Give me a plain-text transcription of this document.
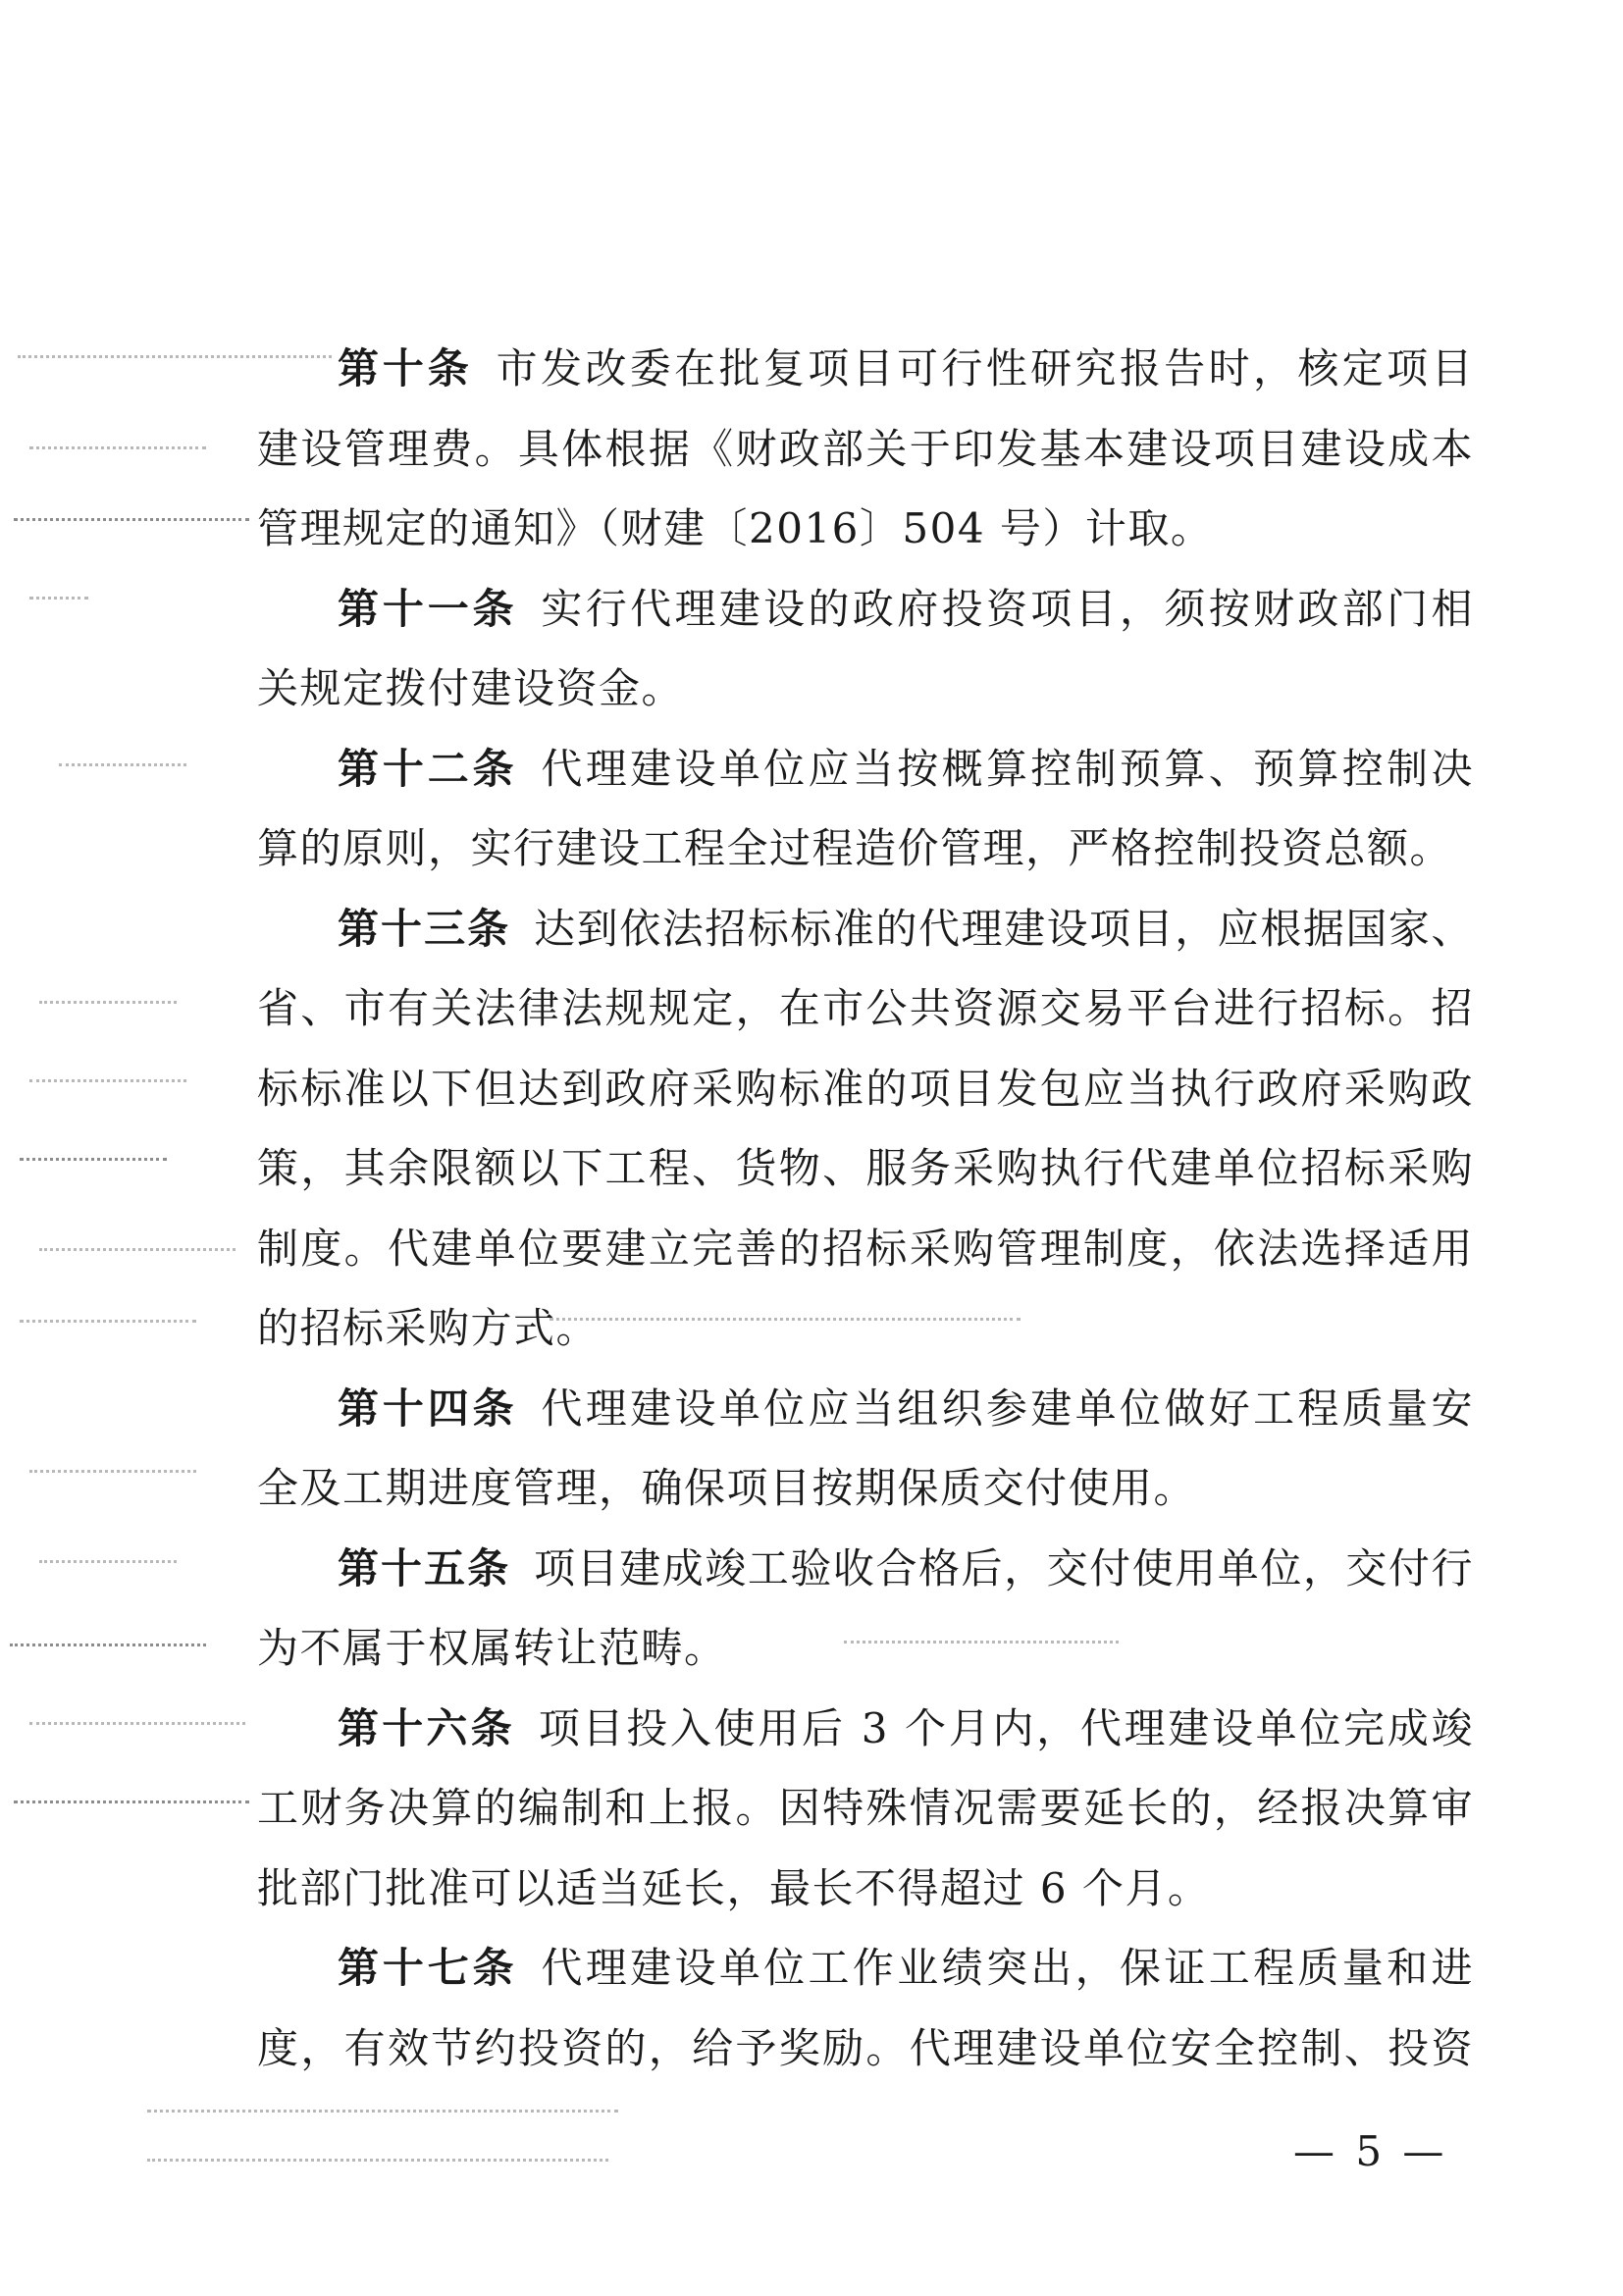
第十条 市发改委在批复项目可行性研究报告时，核定项目
建设管理费。具体根据《财政部关于印发基本建设项目建设成本
管理规定的通知》（财建〔2016〕504 号）计取。
第十一条 实行代理建设的政府投资项目，须按财政部门相
关规定拨付建设资金。
第十二条 代理建设单位应当按概算控制预算、预算控制决
算的原则，实行建设工程全过程造价管理，严格控制投资总额。
第十三条 达到依法招标标准的代理建设项目，应根据国家、
省、市有关法律法规规定，在市公共资源交易平台进行招标。招
标标准以下但达到政府采购标准的项目发包应当执行政府采购政
策，其余限额以下工程、货物、服务采购执行代建单位招标采购
制度。代建单位要建立完善的招标采购管理制度，依法选择适用
的招标采购方式。
第十四条 代理建设单位应当组织参建单位做好工程质量安
全及工期进度管理，确保项目按期保质交付使用。
第十五条 项目建成竣工验收合格后，交付使用单位，交付行
为不属于权属转让范畴。
第十六条 项目投入使用后 3 个月内，代理建设单位完成竣
工财务决算的编制和上报。因特殊情况需要延长的，经报决算审
批部门批准可以适当延长，最长不得超过 6 个月。
第十七条 代理建设单位工作业绩突出，保证工程质量和进
度，有效节约投资的，给予奖励。代理建设单位安全控制、投资
— 5 —
